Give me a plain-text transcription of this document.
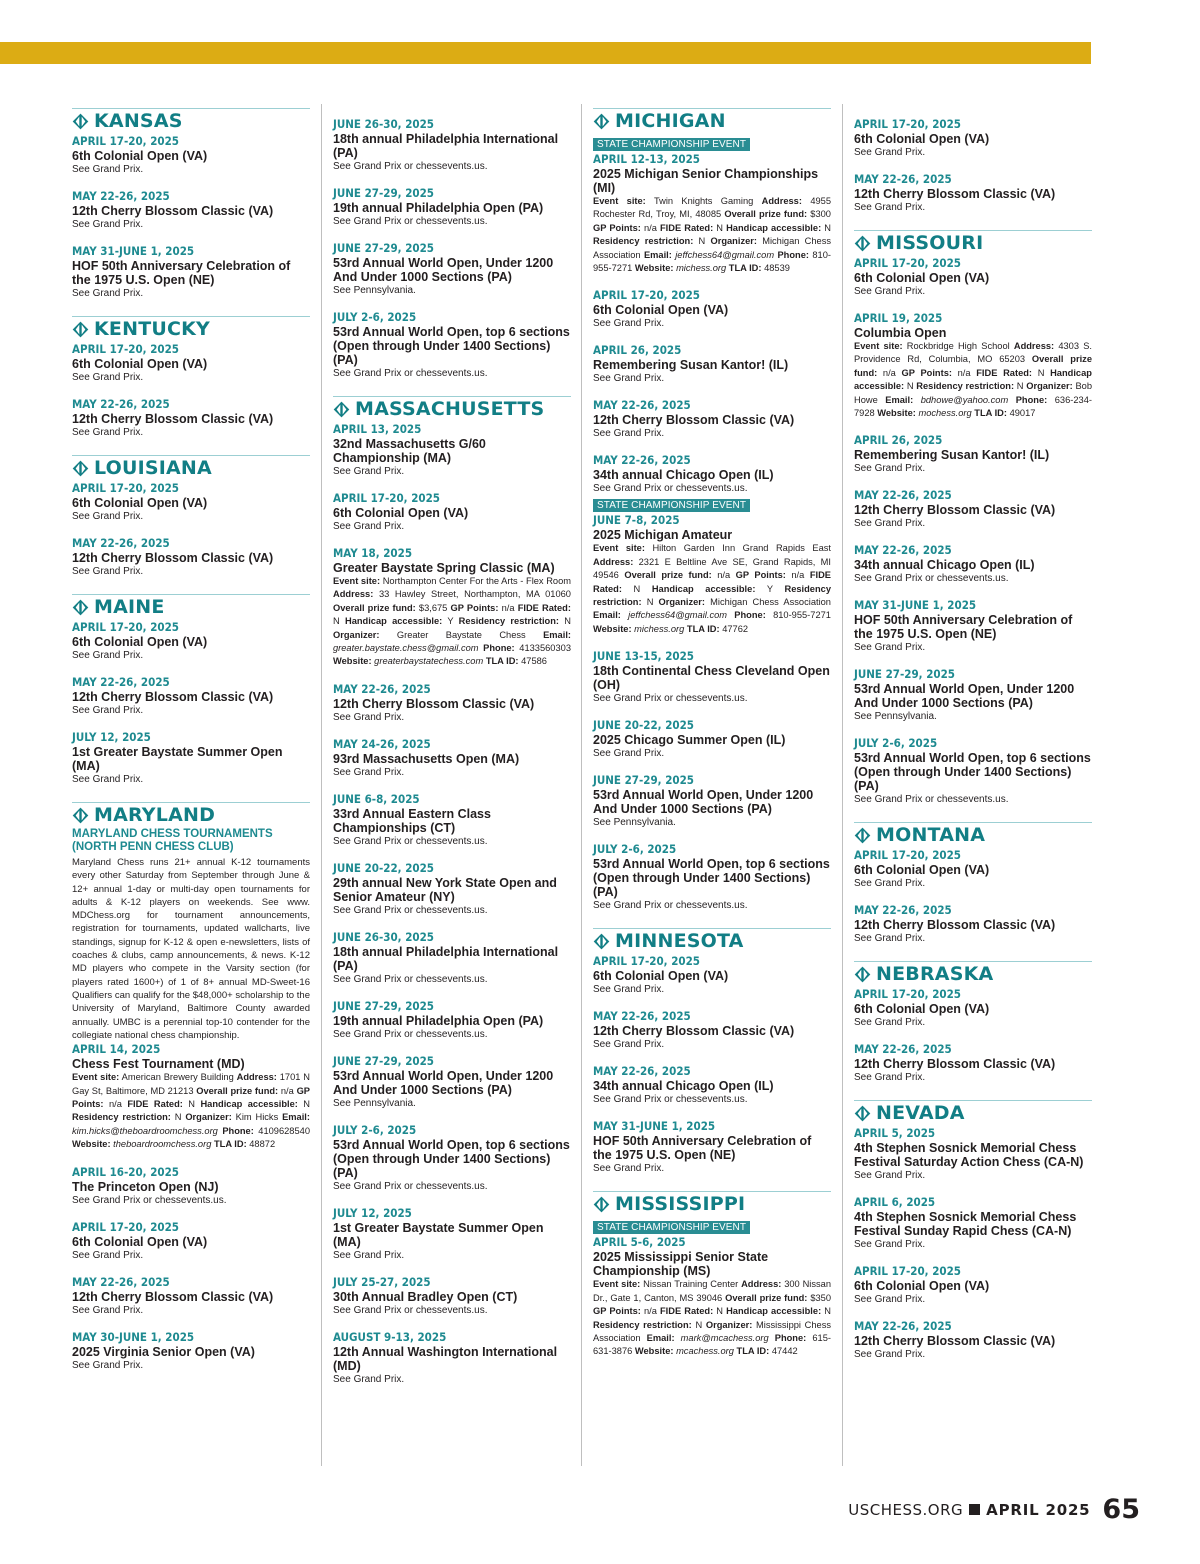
KANSAS
APRIL 17-20, 2025
6th Colonial Open (VA)
See Grand Prix.
MAY 22-26, 2025
12th Cherry Blossom Classic (VA)
See Grand Prix.
MAY 31-JUNE 1, 2025
HOF 50th Anniversary Celebration of the 1975 U.S. Open (NE)
See Grand Prix.
KENTUCKY
APRIL 17-20, 2025
6th Colonial Open (VA)
See Grand Prix.
MAY 22-26, 2025
12th Cherry Blossom Classic (VA)
See Grand Prix.
LOUISIANA
APRIL 17-20, 2025
6th Colonial Open (VA)
See Grand Prix.
MAY 22-26, 2025
12th Cherry Blossom Classic (VA)
See Grand Prix.
MAINE
APRIL 17-20, 2025
6th Colonial Open (VA)
See Grand Prix.
MAY 22-26, 2025
12th Cherry Blossom Classic (VA)
See Grand Prix.
JULY 12, 2025
1st Greater Baystate Summer Open (MA)
See Grand Prix.
MARYLAND
MARYLAND CHESS TOURNAMENTS (NORTH PENN CHESS CLUB)
Maryland Chess runs 21+ annual K-12 tournaments every other Saturday from September through June & 12+ annual 1-day or multi-day open tournaments for adults & K-12 players on weekends. See www. MDChess.org for tournament announcements, registration for tournaments, updated wallcharts, live standings, signup for K-12 & open e-newsletters, lists of coaches & clubs, camp announcements, & news. K-12 MD players who compete in the Varsity section (for players rated 1600+) of 1 of 8+ annual MD-Sweet-16 Qualifiers can qualify for the $48,000+ scholarship to the University of Maryland, Baltimore County awarded annually. UMBC is a perennial top-10 contender for the collegiate national chess championship.
APRIL 14, 2025
Chess Fest Tournament (MD)
Event site: American Brewery Building Address: 1701 N Gay St, Baltimore, MD 21213 Overall prize fund: n/a GP Points: n/a FIDE Rated: N Handicap accessible: N Residency restriction: N Organizer: Kim Hicks Email: kim.hicks@theboardroomchess.org Phone: 4109628540 Website: theboardroomchess.org TLA ID: 48872
APRIL 16-20, 2025
The Princeton Open (NJ)
See Grand Prix or chessevents.us.
APRIL 17-20, 2025
6th Colonial Open (VA)
See Grand Prix.
MAY 22-26, 2025
12th Cherry Blossom Classic (VA)
See Grand Prix.
MAY 30-JUNE 1, 2025
2025 Virginia Senior Open (VA)
See Grand Prix.
JUNE 26-30, 2025
18th annual Philadelphia International (PA)
See Grand Prix or chessevents.us.
JUNE 27-29, 2025
19th annual Philadelphia Open (PA)
See Grand Prix or chessevents.us.
JUNE 27-29, 2025
53rd Annual World Open, Under 1200 And Under 1000 Sections (PA)
See Pennsylvania.
JULY 2-6, 2025
53rd Annual World Open, top 6 sections (Open through Under 1400 Sections) (PA)
See Grand Prix or chessevents.us.
MASSACHUSETTS
APRIL 13, 2025
32nd Massachusetts G/60 Championship (MA)
See Grand Prix.
APRIL 17-20, 2025
6th Colonial Open (VA)
See Grand Prix.
MAY 18, 2025
Greater Baystate Spring Classic (MA)
Event site: Northampton Center For the Arts - Flex Room Address: 33 Hawley Street, Northampton, MA 01060 Overall prize fund: $3,675 GP Points: n/a FIDE Rated: N Handicap accessible: Y Residency restriction: N Organizer: Greater Baystate Chess Email: greater.baystate.chess@gmail.com Phone: 4133560303 Website: greaterbaystatechess.com TLA ID: 47586
MAY 22-26, 2025
12th Cherry Blossom Classic (VA)
See Grand Prix.
MAY 24-26, 2025
93rd Massachusetts Open (MA)
See Grand Prix.
JUNE 6-8, 2025
33rd Annual Eastern Class Championships (CT)
See Grand Prix or chessevents.us.
JUNE 20-22, 2025
29th annual New York State Open and Senior Amateur (NY)
See Grand Prix or chessevents.us.
JUNE 26-30, 2025
18th annual Philadelphia International (PA)
See Grand Prix or chessevents.us.
JUNE 27-29, 2025
19th annual Philadelphia Open (PA)
See Grand Prix or chessevents.us.
JUNE 27-29, 2025
53rd Annual World Open, Under 1200 And Under 1000 Sections (PA)
See Pennsylvania.
JULY 2-6, 2025
53rd Annual World Open, top 6 sections (Open through Under 1400 Sections) (PA)
See Grand Prix or chessevents.us.
JULY 12, 2025
1st Greater Baystate Summer Open (MA)
See Grand Prix.
JULY 25-27, 2025
30th Annual Bradley Open (CT)
See Grand Prix or chessevents.us.
AUGUST 9-13, 2025
12th Annual Washington International (MD)
See Grand Prix.
MICHIGAN
STATE CHAMPIONSHIP EVENT
APRIL 12-13, 2025
2025 Michigan Senior Championships (MI)
Event site: Twin Knights Gaming Address: 4955 Rochester Rd, Troy, MI, 48085 Overall prize fund: $300 GP Points: n/a FIDE Rated: N Handicap accessible: N Residency restriction: N Organizer: Michigan Chess Association Email: jeffchess64@gmail.com Phone: 810-955-7271 Website: michess.org TLA ID: 48539
APRIL 17-20, 2025
6th Colonial Open (VA)
See Grand Prix.
APRIL 26, 2025
Remembering Susan Kantor! (IL)
See Grand Prix.
MAY 22-26, 2025
12th Cherry Blossom Classic (VA)
See Grand Prix.
MAY 22-26, 2025
34th annual Chicago Open (IL)
See Grand Prix or chessevents.us.
STATE CHAMPIONSHIP EVENT
JUNE 7-8, 2025
2025 Michigan Amateur
Event site: Hilton Garden Inn Grand Rapids East Address: 2321 E Beltline Ave SE, Grand Rapids, MI 49546 Overall prize fund: n/a GP Points: n/a FIDE Rated: N Handicap accessible: Y Residency restriction: N Organizer: Michigan Chess Association Email: jeffchess64@gmail.com Phone: 810-955-7271 Website: michess.org TLA ID: 47762
JUNE 13-15, 2025
18th Continental Chess Cleveland Open (OH)
See Grand Prix or chessevents.us.
JUNE 20-22, 2025
2025 Chicago Summer Open (IL)
See Grand Prix.
JUNE 27-29, 2025
53rd Annual World Open, Under 1200 And Under 1000 Sections (PA)
See Pennsylvania.
JULY 2-6, 2025
53rd Annual World Open, top 6 sections (Open through Under 1400 Sections) (PA)
See Grand Prix or chessevents.us.
MINNESOTA
APRIL 17-20, 2025
6th Colonial Open (VA)
See Grand Prix.
MAY 22-26, 2025
12th Cherry Blossom Classic (VA)
See Grand Prix.
MAY 22-26, 2025
34th annual Chicago Open (IL)
See Grand Prix or chessevents.us.
MAY 31-JUNE 1, 2025
HOF 50th Anniversary Celebration of the 1975 U.S. Open (NE)
See Grand Prix.
MISSISSIPPI
STATE CHAMPIONSHIP EVENT
APRIL 5-6, 2025
2025 Mississippi Senior State Championship (MS)
Event site: Nissan Training Center Address: 300 Nissan Dr., Gate 1, Canton, MS 39046 Overall prize fund: $350 GP Points: n/a FIDE Rated: N Handicap accessible: N Residency restriction: N Organizer: Mississippi Chess Association Email: mark@mcachess.org Phone: 615-631-3876 Website: mcachess.org TLA ID: 47442
APRIL 17-20, 2025
6th Colonial Open (VA)
See Grand Prix.
MAY 22-26, 2025
12th Cherry Blossom Classic (VA)
See Grand Prix.
MISSOURI
APRIL 17-20, 2025
6th Colonial Open (VA)
See Grand Prix.
APRIL 19, 2025
Columbia Open
Event site: Rockbridge High School Address: 4303 S. Providence Rd, Columbia, MO 65203 Overall prize fund: n/a GP Points: n/a FIDE Rated: N Handicap accessible: N Residency restriction: N Organizer: Bob Howe Email: bdhowe@yahoo.com Phone: 636-234-7928 Website: mochess.org TLA ID: 49017
APRIL 26, 2025
Remembering Susan Kantor! (IL)
See Grand Prix.
MAY 22-26, 2025
12th Cherry Blossom Classic (VA)
See Grand Prix.
MAY 22-26, 2025
34th annual Chicago Open (IL)
See Grand Prix or chessevents.us.
MAY 31-JUNE 1, 2025
HOF 50th Anniversary Celebration of the 1975 U.S. Open (NE)
See Grand Prix.
JUNE 27-29, 2025
53rd Annual World Open, Under 1200 And Under 1000 Sections (PA)
See Pennsylvania.
JULY 2-6, 2025
53rd Annual World Open, top 6 sections (Open through Under 1400 Sections) (PA)
See Grand Prix or chessevents.us.
MONTANA
APRIL 17-20, 2025
6th Colonial Open (VA)
See Grand Prix.
MAY 22-26, 2025
12th Cherry Blossom Classic (VA)
See Grand Prix.
NEBRASKA
APRIL 17-20, 2025
6th Colonial Open (VA)
See Grand Prix.
MAY 22-26, 2025
12th Cherry Blossom Classic (VA)
See Grand Prix.
NEVADA
APRIL 5, 2025
4th Stephen Sosnick Memorial Chess Festival Saturday Action Chess (CA-N)
See Grand Prix.
APRIL 6, 2025
4th Stephen Sosnick Memorial Chess Festival Sunday Rapid Chess (CA-N)
See Grand Prix.
APRIL 17-20, 2025
6th Colonial Open (VA)
See Grand Prix.
MAY 22-26, 2025
12th Cherry Blossom Classic (VA)
See Grand Prix.
USCHESS.ORG APRIL 2025 65
